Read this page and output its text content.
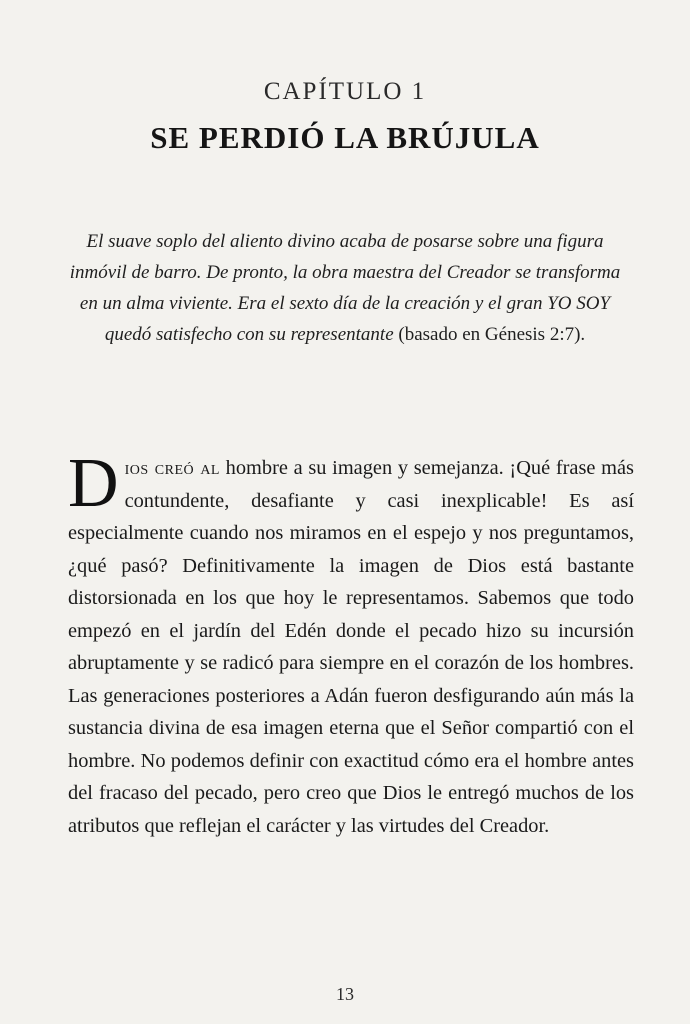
CAPÍTULO 1
SE PERDIÓ LA BRÚJULA
El suave soplo del aliento divino acaba de posarse sobre una figura inmóvil de barro. De pronto, la obra maestra del Creador se transforma en un alma viviente. Era el sexto día de la creación y el gran YO SOY quedó satisfecho con su representante (basado en Génesis 2:7).
Dios creó al hombre a su imagen y semejanza. ¡Qué frase más contundente, desafiante y casi inexplicable! Es así especialmente cuando nos miramos en el espejo y nos preguntamos, ¿qué pasó? Definitivamente la imagen de Dios está bastante distorsionada en los que hoy le representamos. Sabemos que todo empezó en el jardín del Edén donde el pecado hizo su incursión abruptamente y se radicó para siempre en el corazón de los hombres. Las generaciones posteriores a Adán fueron desfigurando aún más la sustancia divina de esa imagen eterna que el Señor compartió con el hombre. No podemos definir con exactitud cómo era el hombre antes del fracaso del pecado, pero creo que Dios le entregó muchos de los atributos que reflejan el carácter y las virtudes del Creador.
13
